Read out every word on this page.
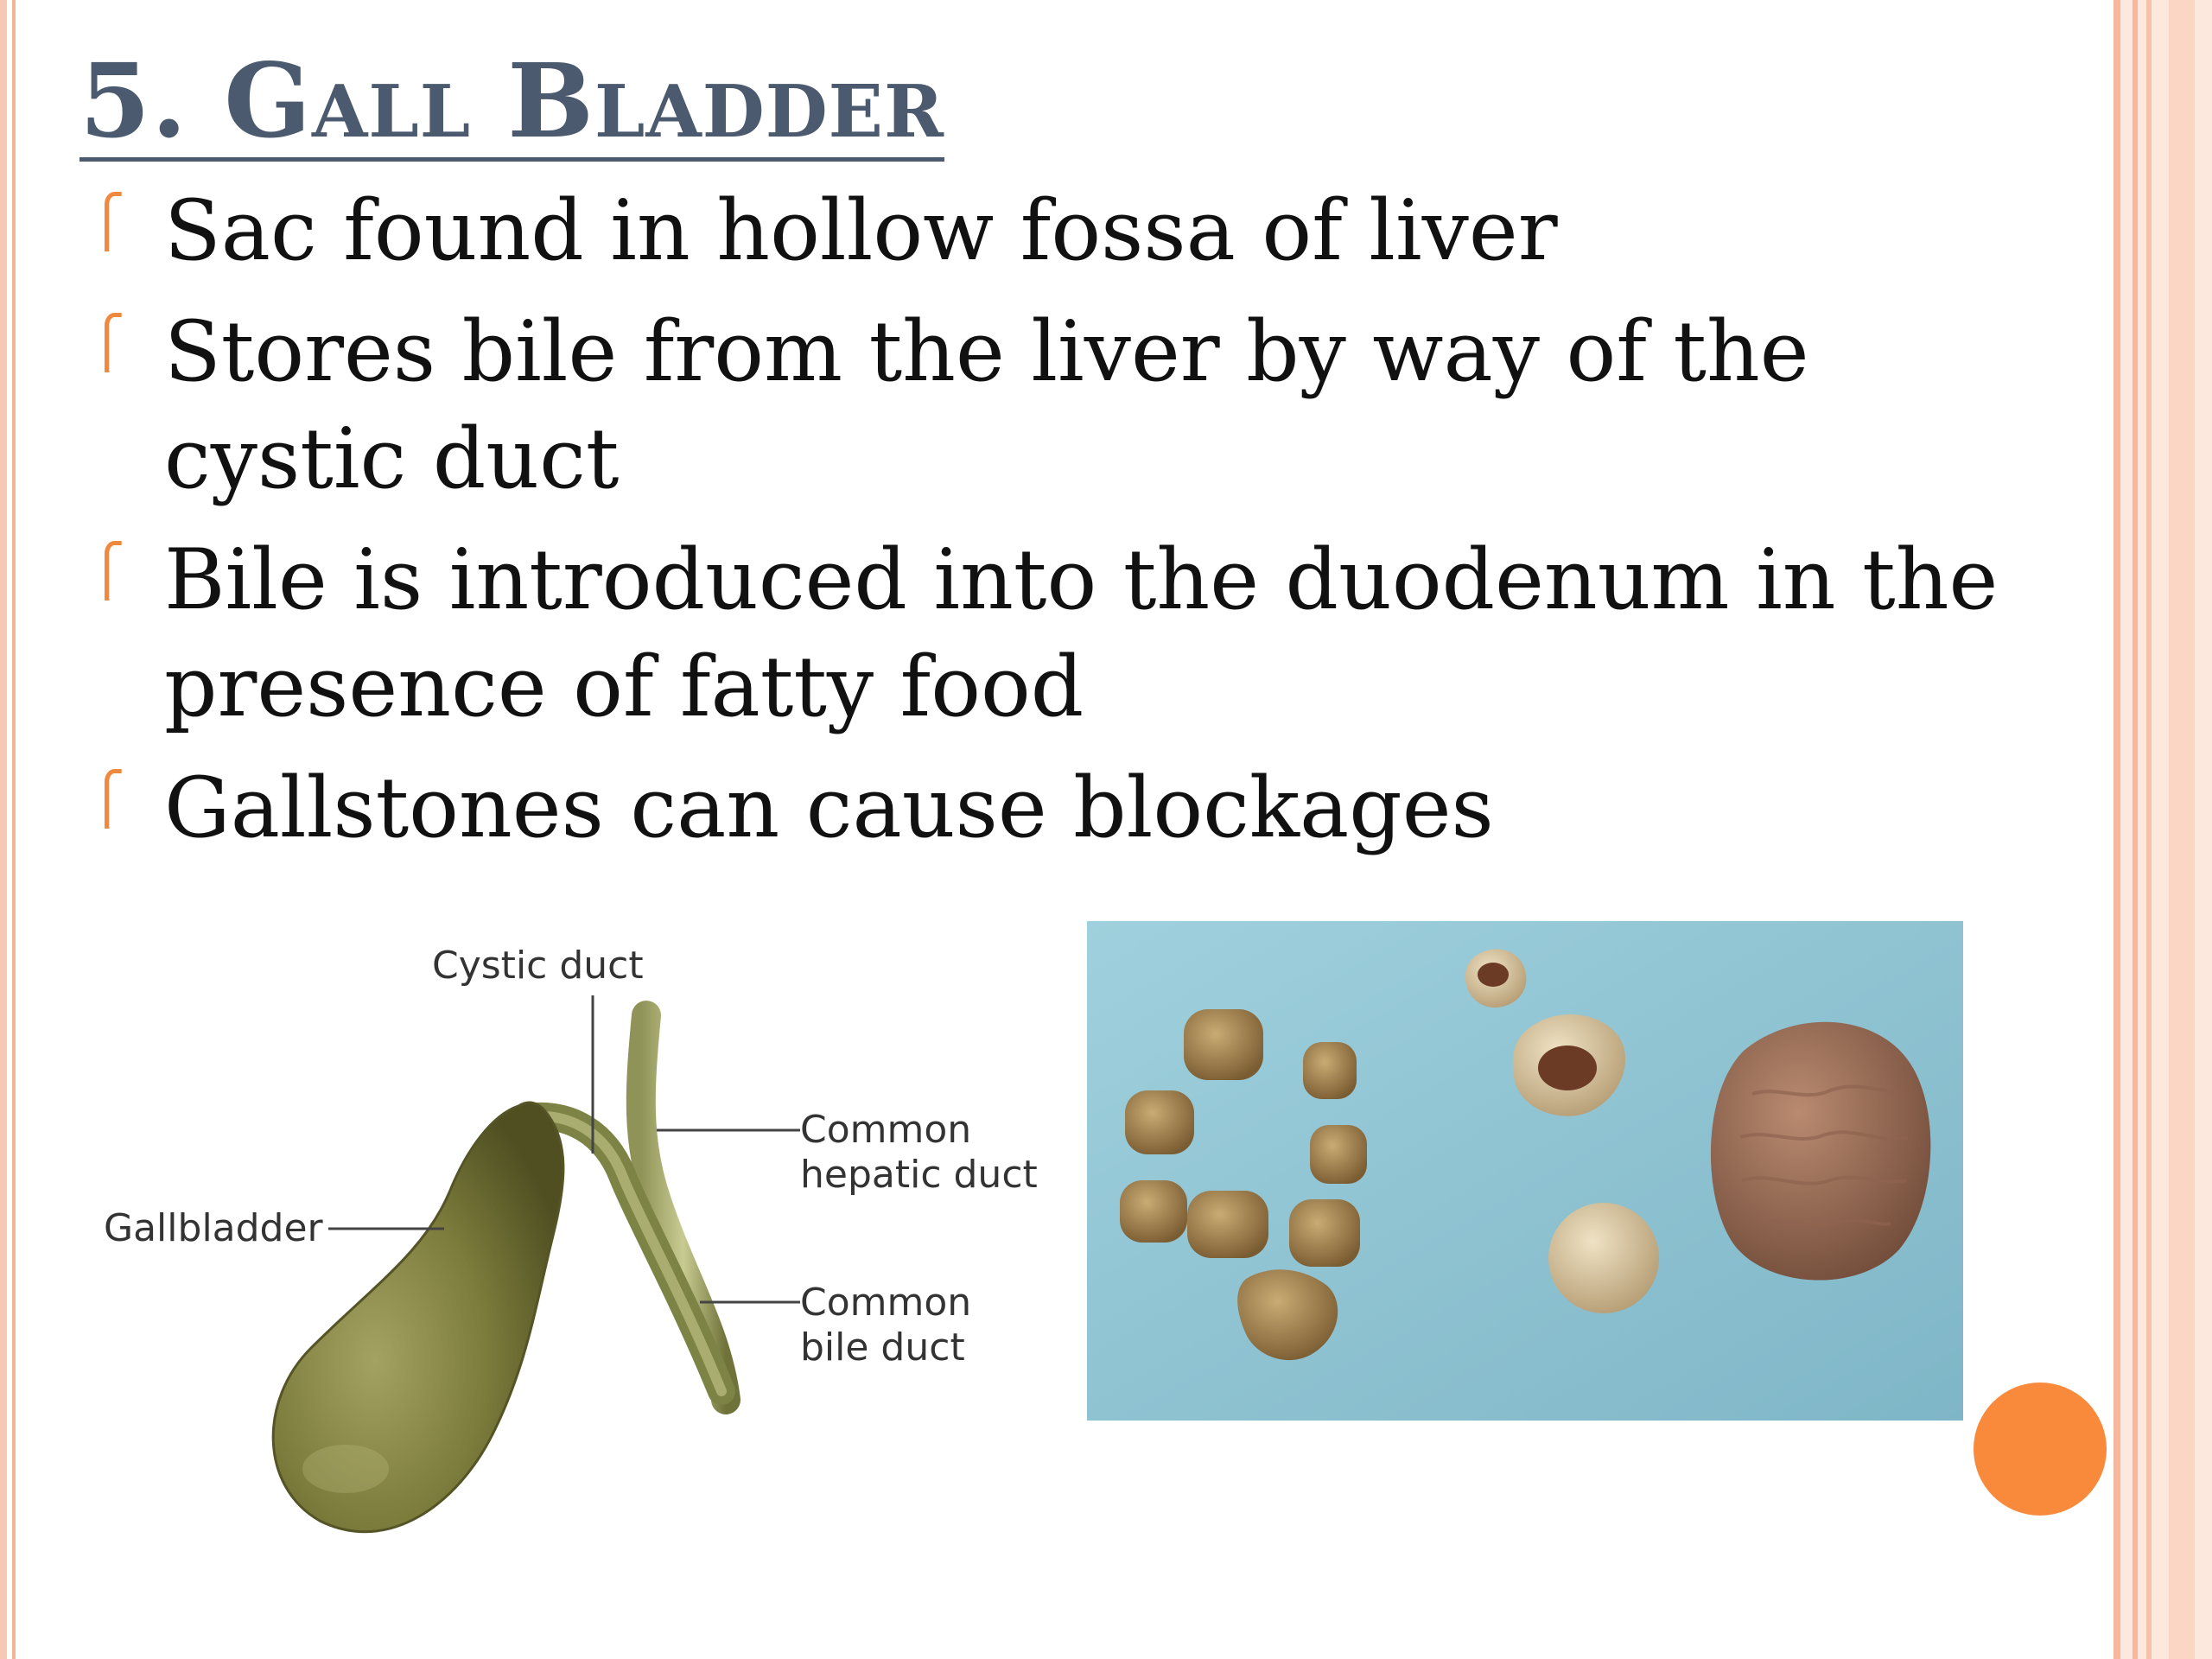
5. Gall Bladder
⎧ Sac found in hollow fossa of liver
⎧ Stores bile from the liver by way of the cystic duct
⎧ Bile is introduced into the duodenum in the presence of fatty food
⎧ Gallstones can cause blockages
Cystic duct
Common
hepatic duct
Gallbladder
Common
bile duct
